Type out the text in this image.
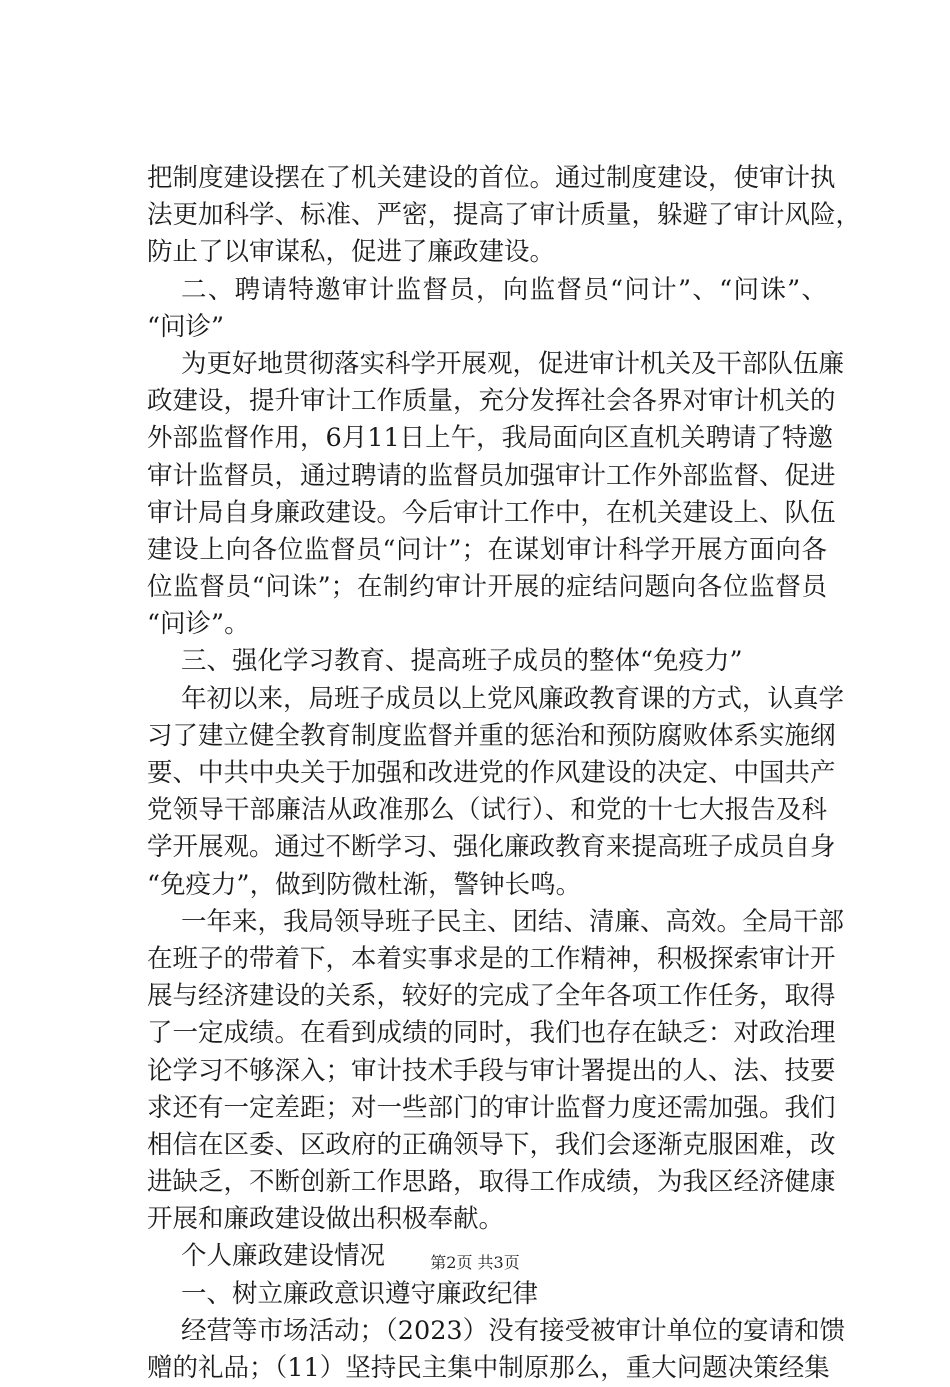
把制度建设摆在了机关建设的首位。通过制度建设，使审计执
法更加科学、标准、严密，提高了审计质量，躲避了审计风险，
防止了以审谋私，促进了廉政建设。
二、聘请特邀审计监督员，向监督员“问计”、“问诛”、
“问诊”
为更好地贯彻落实科学开展观，促进审计机关及干部队伍廉
政建设，提升审计工作质量，充分发挥社会各界对审计机关的
外部监督作用，6月11日上午，我局面向区直机关聘请了特邀
审计监督员，通过聘请的监督员加强审计工作外部监督、促进
审计局自身廉政建设。今后审计工作中，在机关建设上、队伍
建设上向各位监督员“问计”；在谋划审计科学开展方面向各
位监督员“问诛”；在制约审计开展的症结问题向各位监督员
“问诊”。
三、强化学习教育、提高班子成员的整体“免疫力”
年初以来，局班子成员以上党风廉政教育课的方式，认真学
习了建立健全教育制度监督并重的惩治和预防腐败体系实施纲
要、中共中央关于加强和改进党的作风建设的决定、中国共产
党领导干部廉洁从政准那么（试行）、和党的十七大报告及科
学开展观。通过不断学习、强化廉政教育来提高班子成员自身
“免疫力”，做到防微杜渐，警钟长鸣。
一年来，我局领导班子民主、团结、清廉、高效。全局干部
在班子的带着下，本着实事求是的工作精神，积极探索审计开
展与经济建设的关系，较好的完成了全年各项工作任务，取得
了一定成绩。在看到成绩的同时，我们也存在缺乏：对政治理
论学习不够深入；审计技术手段与审计署提出的人、法、技要
求还有一定差距；对一些部门的审计监督力度还需加强。我们
相信在区委、区政府的正确领导下，我们会逐渐克服困难，改
进缺乏，不断创新工作思路，取得工作成绩，为我区经济健康
开展和廉政建设做出积极奉献。
个人廉政建设情况
一、树立廉政意识遵守廉政纪律
经营等市场活动；（2023）没有接受被审计单位的宴请和馈
赠的礼品；（11）坚持民主集中制原那么，重大问题决策经集
第2页 共3页
